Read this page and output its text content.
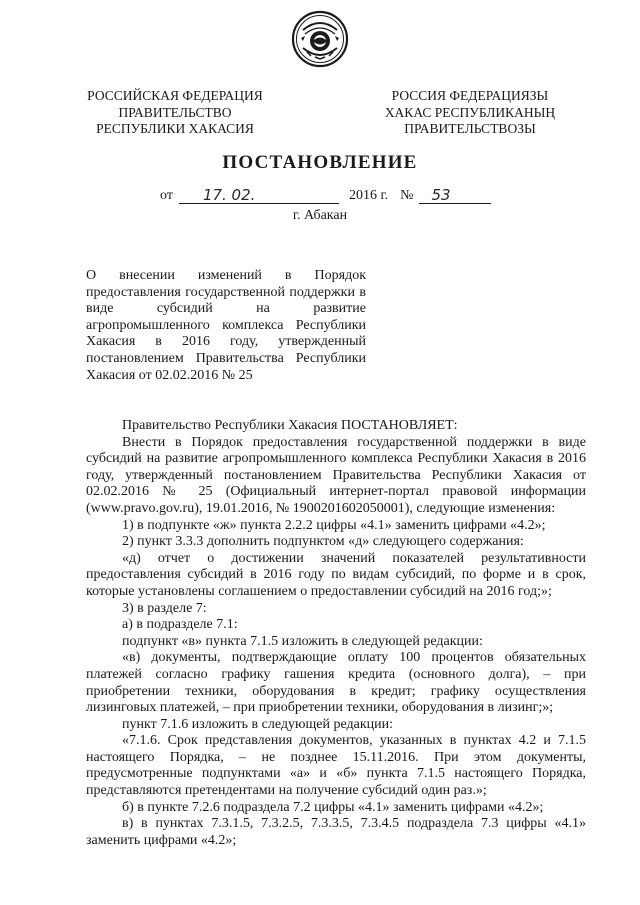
РОССИЙСКАЯ ФЕДЕРАЦИЯ
ПРАВИТЕЛЬСТВО
РЕСПУБЛИКИ ХАКАСИЯ
РОССИЯ ФЕДЕРАЦИЯЗЫ
ХАКАС РЕСПУБЛИКАНЫҢ
ПРАВИТЕЛЬСТВОЗЫ
ПОСТАНОВЛЕНИЕ
от	17. 02.	2016 г. №	53
г. Абакан
О внесении изменений в Порядок предоставления государственной поддержки в виде субсидий на развитие агропромышленного комплекса Республики Хакасия в 2016 году, утвержденный постановлением Правительства Республики Хакасия от 02.02.2016 № 25

Правительство Республики Хакасия ПОСТАНОВЛЯЕТ:

Внести в Порядок предоставления государственной поддержки в виде субсидий на развитие агропромышленного комплекса Республики Хакасия в 2016 году, утвержденный постановлением Правительства Республики Хакасия от 02.02.2016 № 25 (Официальный интернет-портал правовой информации (www.pravo.gov.ru), 19.01.2016, № 1900201602050001), следующие изменения:

1) в подпункте «ж» пункта 2.2.2 цифры «4.1» заменить цифрами «4.2»;

2) пункт 3.3.3 дополнить подпунктом «д» следующего содержания:

«д) отчет о достижении значений показателей результативности предоставления субсидий в 2016 году по видам субсидий, по форме и в срок, которые установлены соглашением о предоставлении субсидий на 2016 год;»;

3) в разделе 7:

а) в подразделе 7.1:

подпункт «в» пункта 7.1.5 изложить в следующей редакции:

«в) документы, подтверждающие оплату 100 процентов обязательных платежей согласно графику гашения кредита (основного долга), – при приобретении техники, оборудования в кредит; графику осуществления лизинговых платежей, – при приобретении техники, оборудования в лизинг;»;

пункт 7.1.6 изложить в следующей редакции:

«7.1.6. Срок представления документов, указанных в пунктах 4.2 и 7.1.5 настоящего Порядка, – не позднее 15.11.2016. При этом документы, предусмотренные подпунктами «а» и «б» пункта 7.1.5 настоящего Порядка, представляются претендентами на получение субсидий один раз.»;

б) в пункте 7.2.6 подраздела 7.2 цифры «4.1» заменить цифрами «4.2»;

в) в пунктах 7.3.1.5, 7.3.2.5, 7.3.3.5, 7.3.4.5 подраздела 7.3 цифры «4.1» заменить цифрами «4.2»;
